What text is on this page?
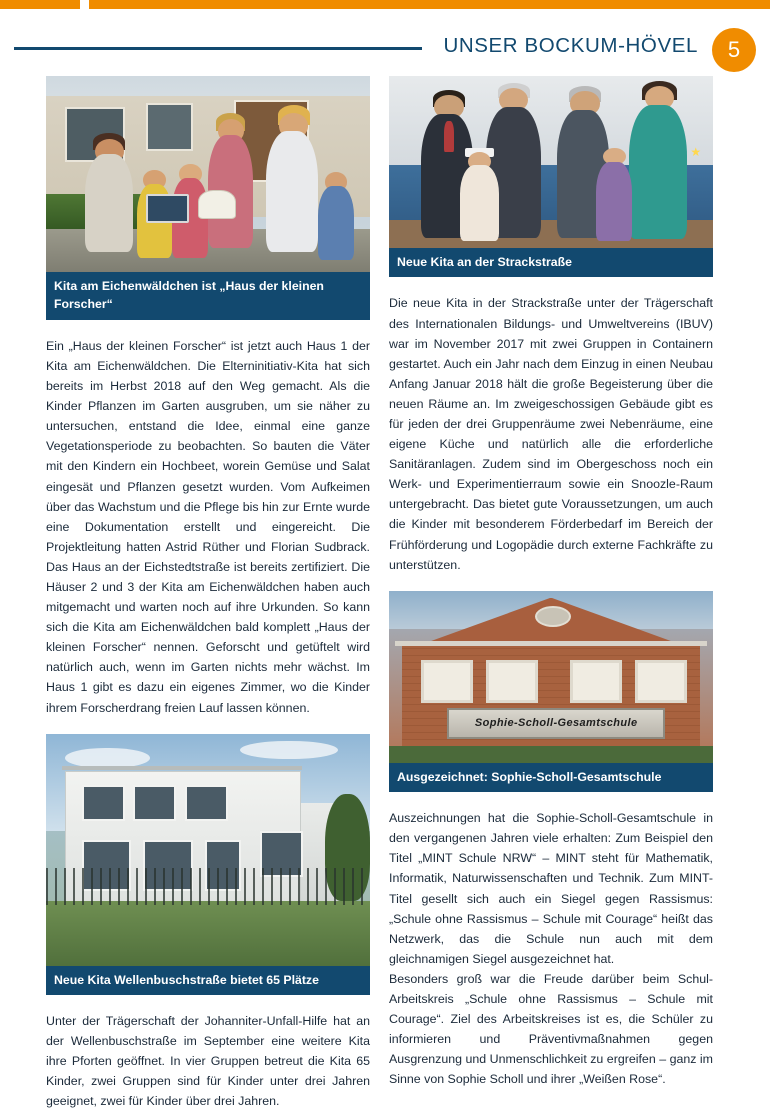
UNSER BOCKUM-HÖVEL	5
Kita am Eichenwäldchen ist „Haus der kleinen Forscher“

Ein „Haus der kleinen Forscher“ ist jetzt auch Haus 1 der Kita am Eichenwäldchen. Die Elterninitiativ-Kita hat sich bereits im Herbst 2018 auf den Weg gemacht. Als die Kinder Pflanzen im Garten ausgruben, um sie näher zu untersuchen, entstand die Idee, einmal eine ganze Vegetationsperiode zu beobachten. So bauten die Väter mit den Kindern ein Hochbeet, worein Gemüse und Salat eingesät und Pflanzen gesetzt wurden. Vom Aufkeimen über das Wachstum und die Pflege bis hin zur Ernte wurde eine Dokumentation erstellt und eingereicht. Die Projektleitung hatten Astrid Rüther und Florian Sudbrack. Das Haus an der Eichstedtstraße ist bereits zertifiziert. Die Häuser 2 und 3 der Kita am Eichenwäldchen haben auch mitgemacht und warten noch auf ihre Urkunden. So kann sich die Kita am Eichenwäldchen bald komplett „Haus der kleinen Forscher“ nennen. Geforscht und getüftelt wird natürlich auch, wenn im Garten nichts mehr wächst. Im Haus 1 gibt es dazu ein eigenes Zimmer, wo die Kinder ihrem Forscherdrang freien Lauf lassen können.

Neue Kita Wellenbuschstraße bietet 65 Plätze

Unter der Trägerschaft der Johanniter-Unfall-Hilfe hat an der Wellenbuschstraße im September eine weitere Kita ihre Pforten geöffnet. In vier Gruppen betreut die Kita 65 Kinder, zwei Gruppen sind für Kinder unter drei Jahren geeignet, zwei für Kinder über drei Jahren.

★
Neue Kita an der Strackstraße

Die neue Kita in der Strackstraße unter der Trägerschaft des Internationalen Bildungs- und Umweltvereins (IBUV) war im November 2017 mit zwei Gruppen in Containern gestartet. Auch ein Jahr nach dem Einzug in einen Neubau Anfang Januar 2018 hält die große Begeisterung über die neuen Räume an. Im zweigeschossigen Gebäude gibt es für jeden der drei Gruppenräume zwei Nebenräume, eine eigene Küche und natürlich alle die erforderliche Sanitäranlagen. Zudem sind im Obergeschoss noch ein Werk- und Experimentierraum sowie ein Snoozle-Raum untergebracht. Das bietet gute Voraussetzungen, um auch die Kinder mit besonderem Förderbedarf im Bereich der Frühförderung und Logopädie durch externe Fachkräfte zu unterstützen.

Sophie-Scholl-Gesamtschule
Ausgezeichnet: Sophie-Scholl-Gesamtschule

Auszeichnungen hat die Sophie-Scholl-Gesamtschule in den vergangenen Jahren viele erhalten: Zum Beispiel den Titel „MINT Schule NRW“ – MINT steht für Mathematik, Informatik, Naturwissenschaften und Technik. Zum MINT-Titel gesellt sich auch ein Siegel gegen Rassismus: „Schule ohne Rassismus – Schule mit Courage“ heißt das Netzwerk, das die Schule nun auch mit dem gleichnamigen Siegel ausgezeichnet hat.

Besonders groß war die Freude darüber beim Schul-Arbeitskreis „Schule ohne Rassismus – Schule mit Courage“. Ziel des Arbeitskreises ist es, die Schüler zu informieren und Präventivmaßnahmen gegen Ausgrenzung und Unmenschlichkeit zu ergreifen – ganz im Sinne von Sophie Scholl und ihrer „Weißen Rose“.
